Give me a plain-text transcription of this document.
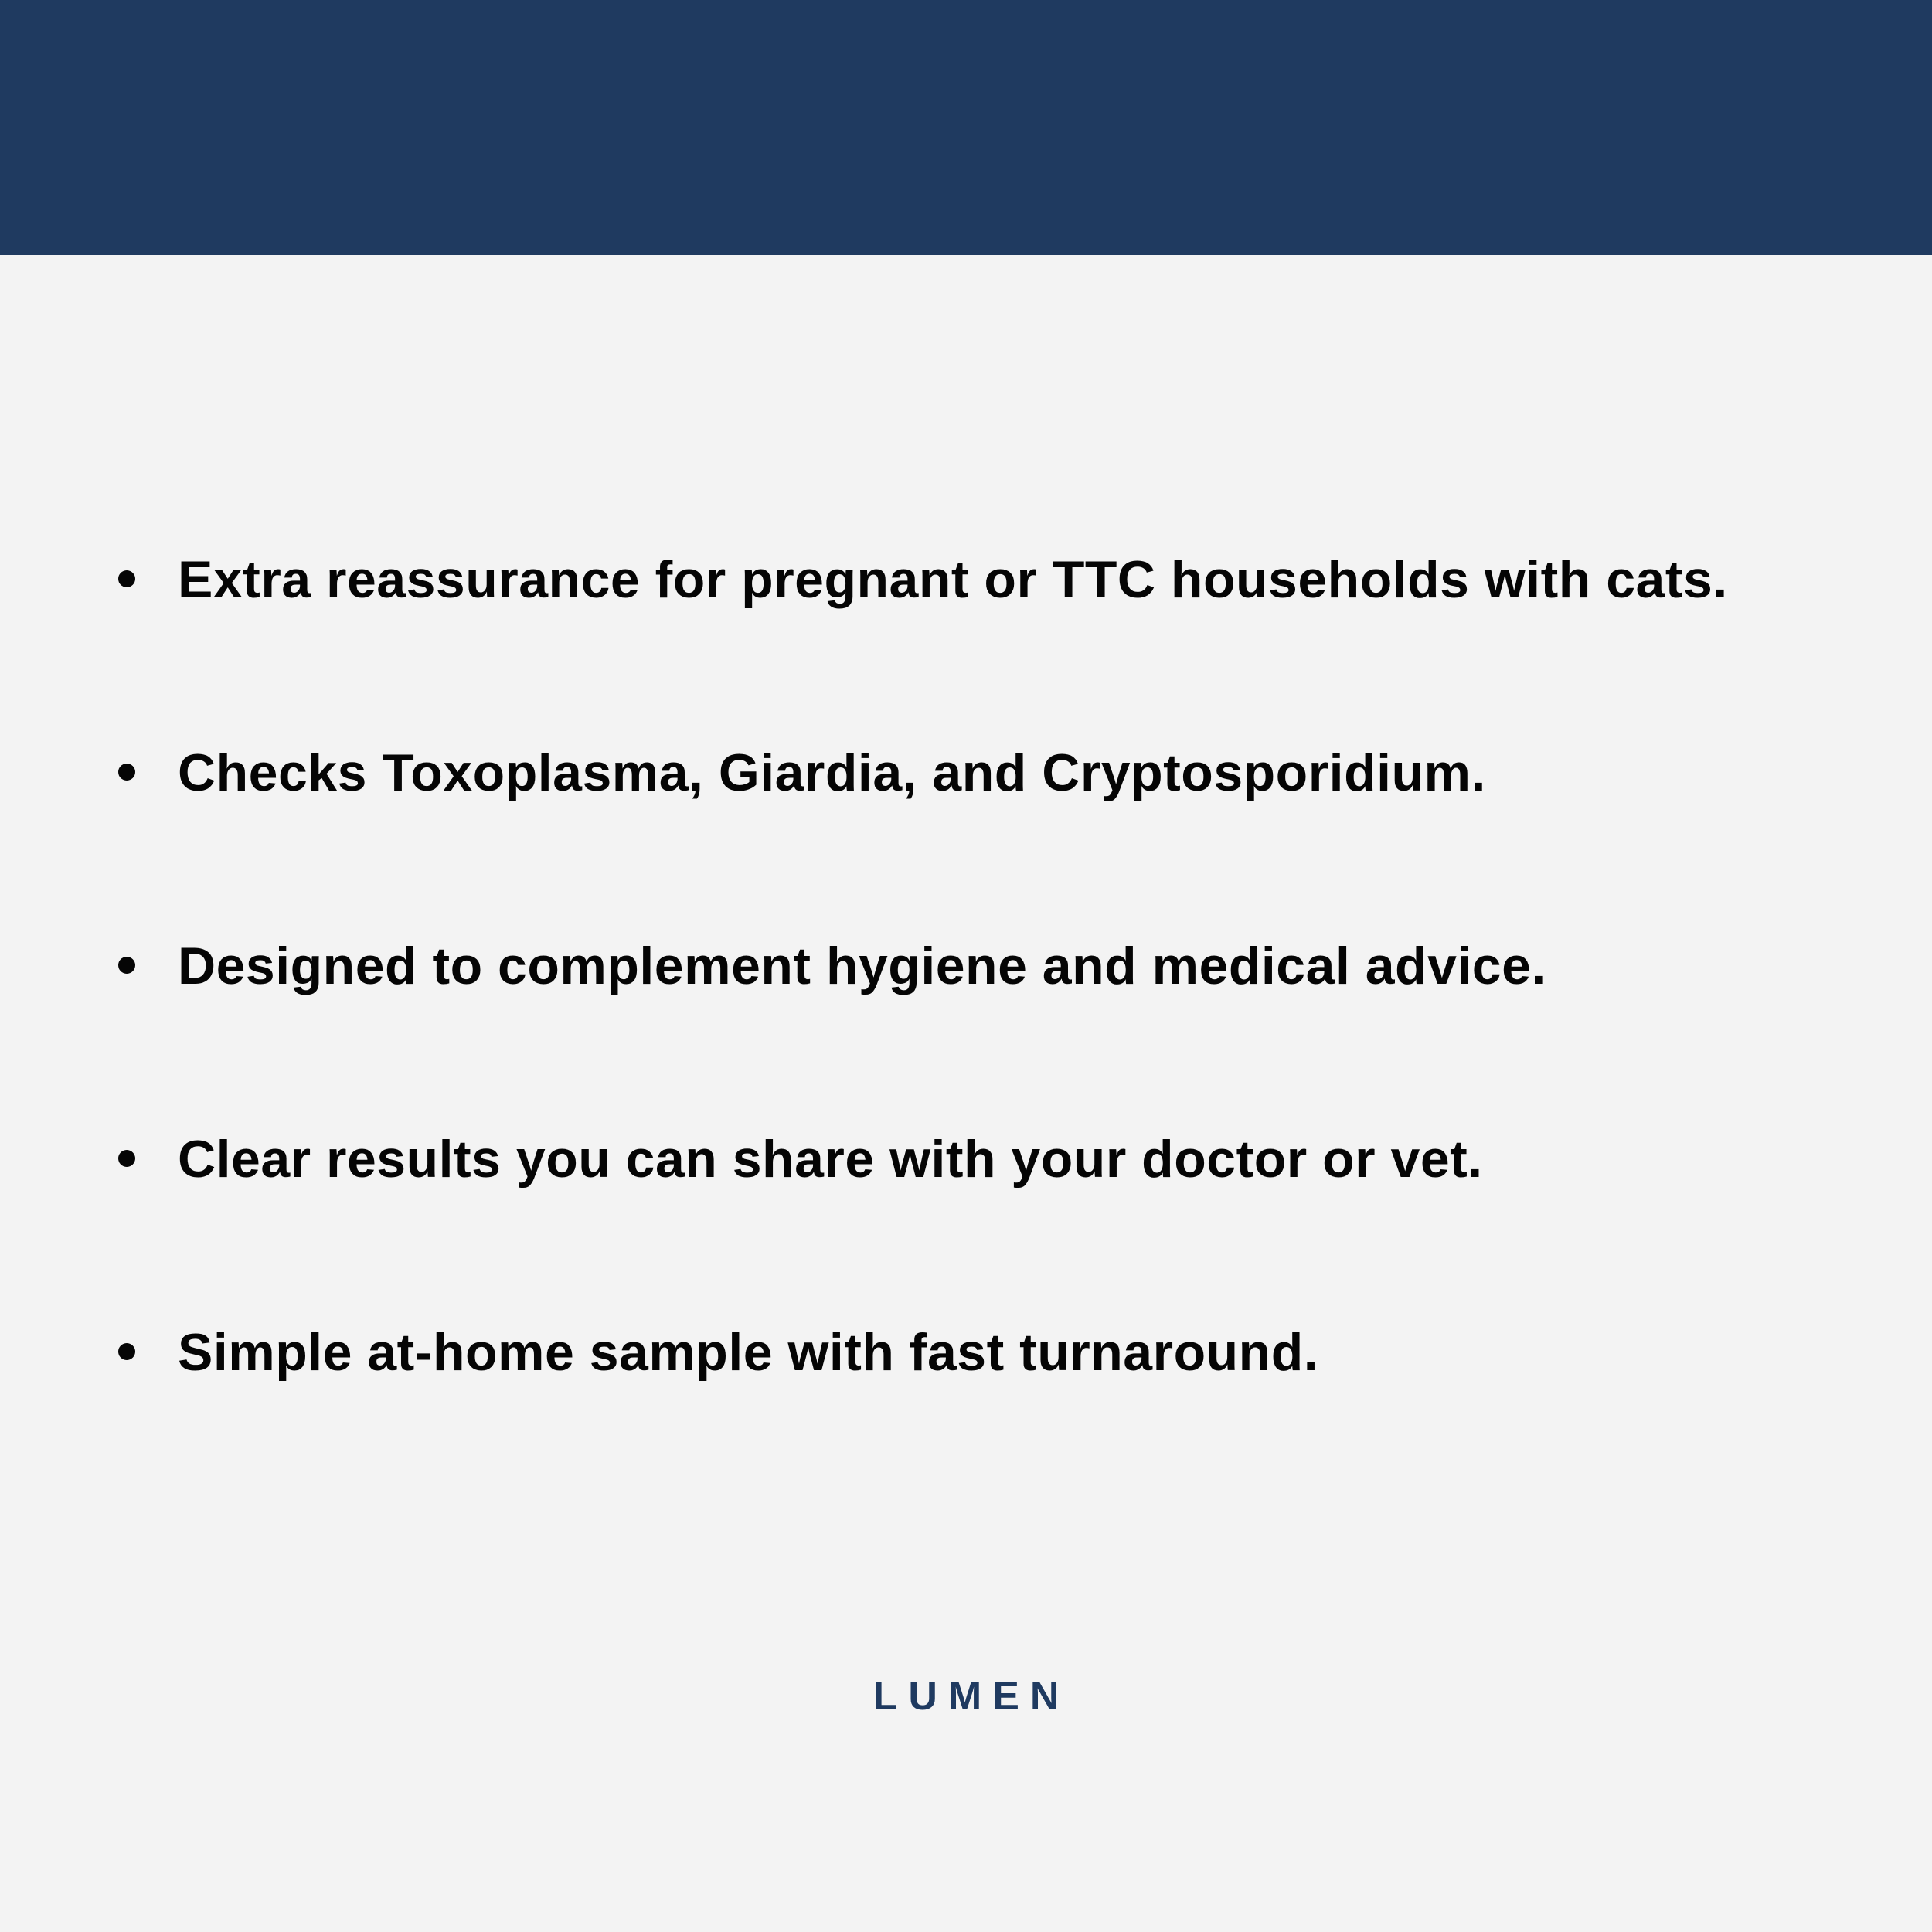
Extra reassurance for pregnant or TTC households with cats.
Checks Toxoplasma, Giardia, and Cryptosporidium.
Designed to complement hygiene and medical advice.
Clear results you can share with your doctor or vet.
Simple at-home sample with fast turnaround.
LUMEN
